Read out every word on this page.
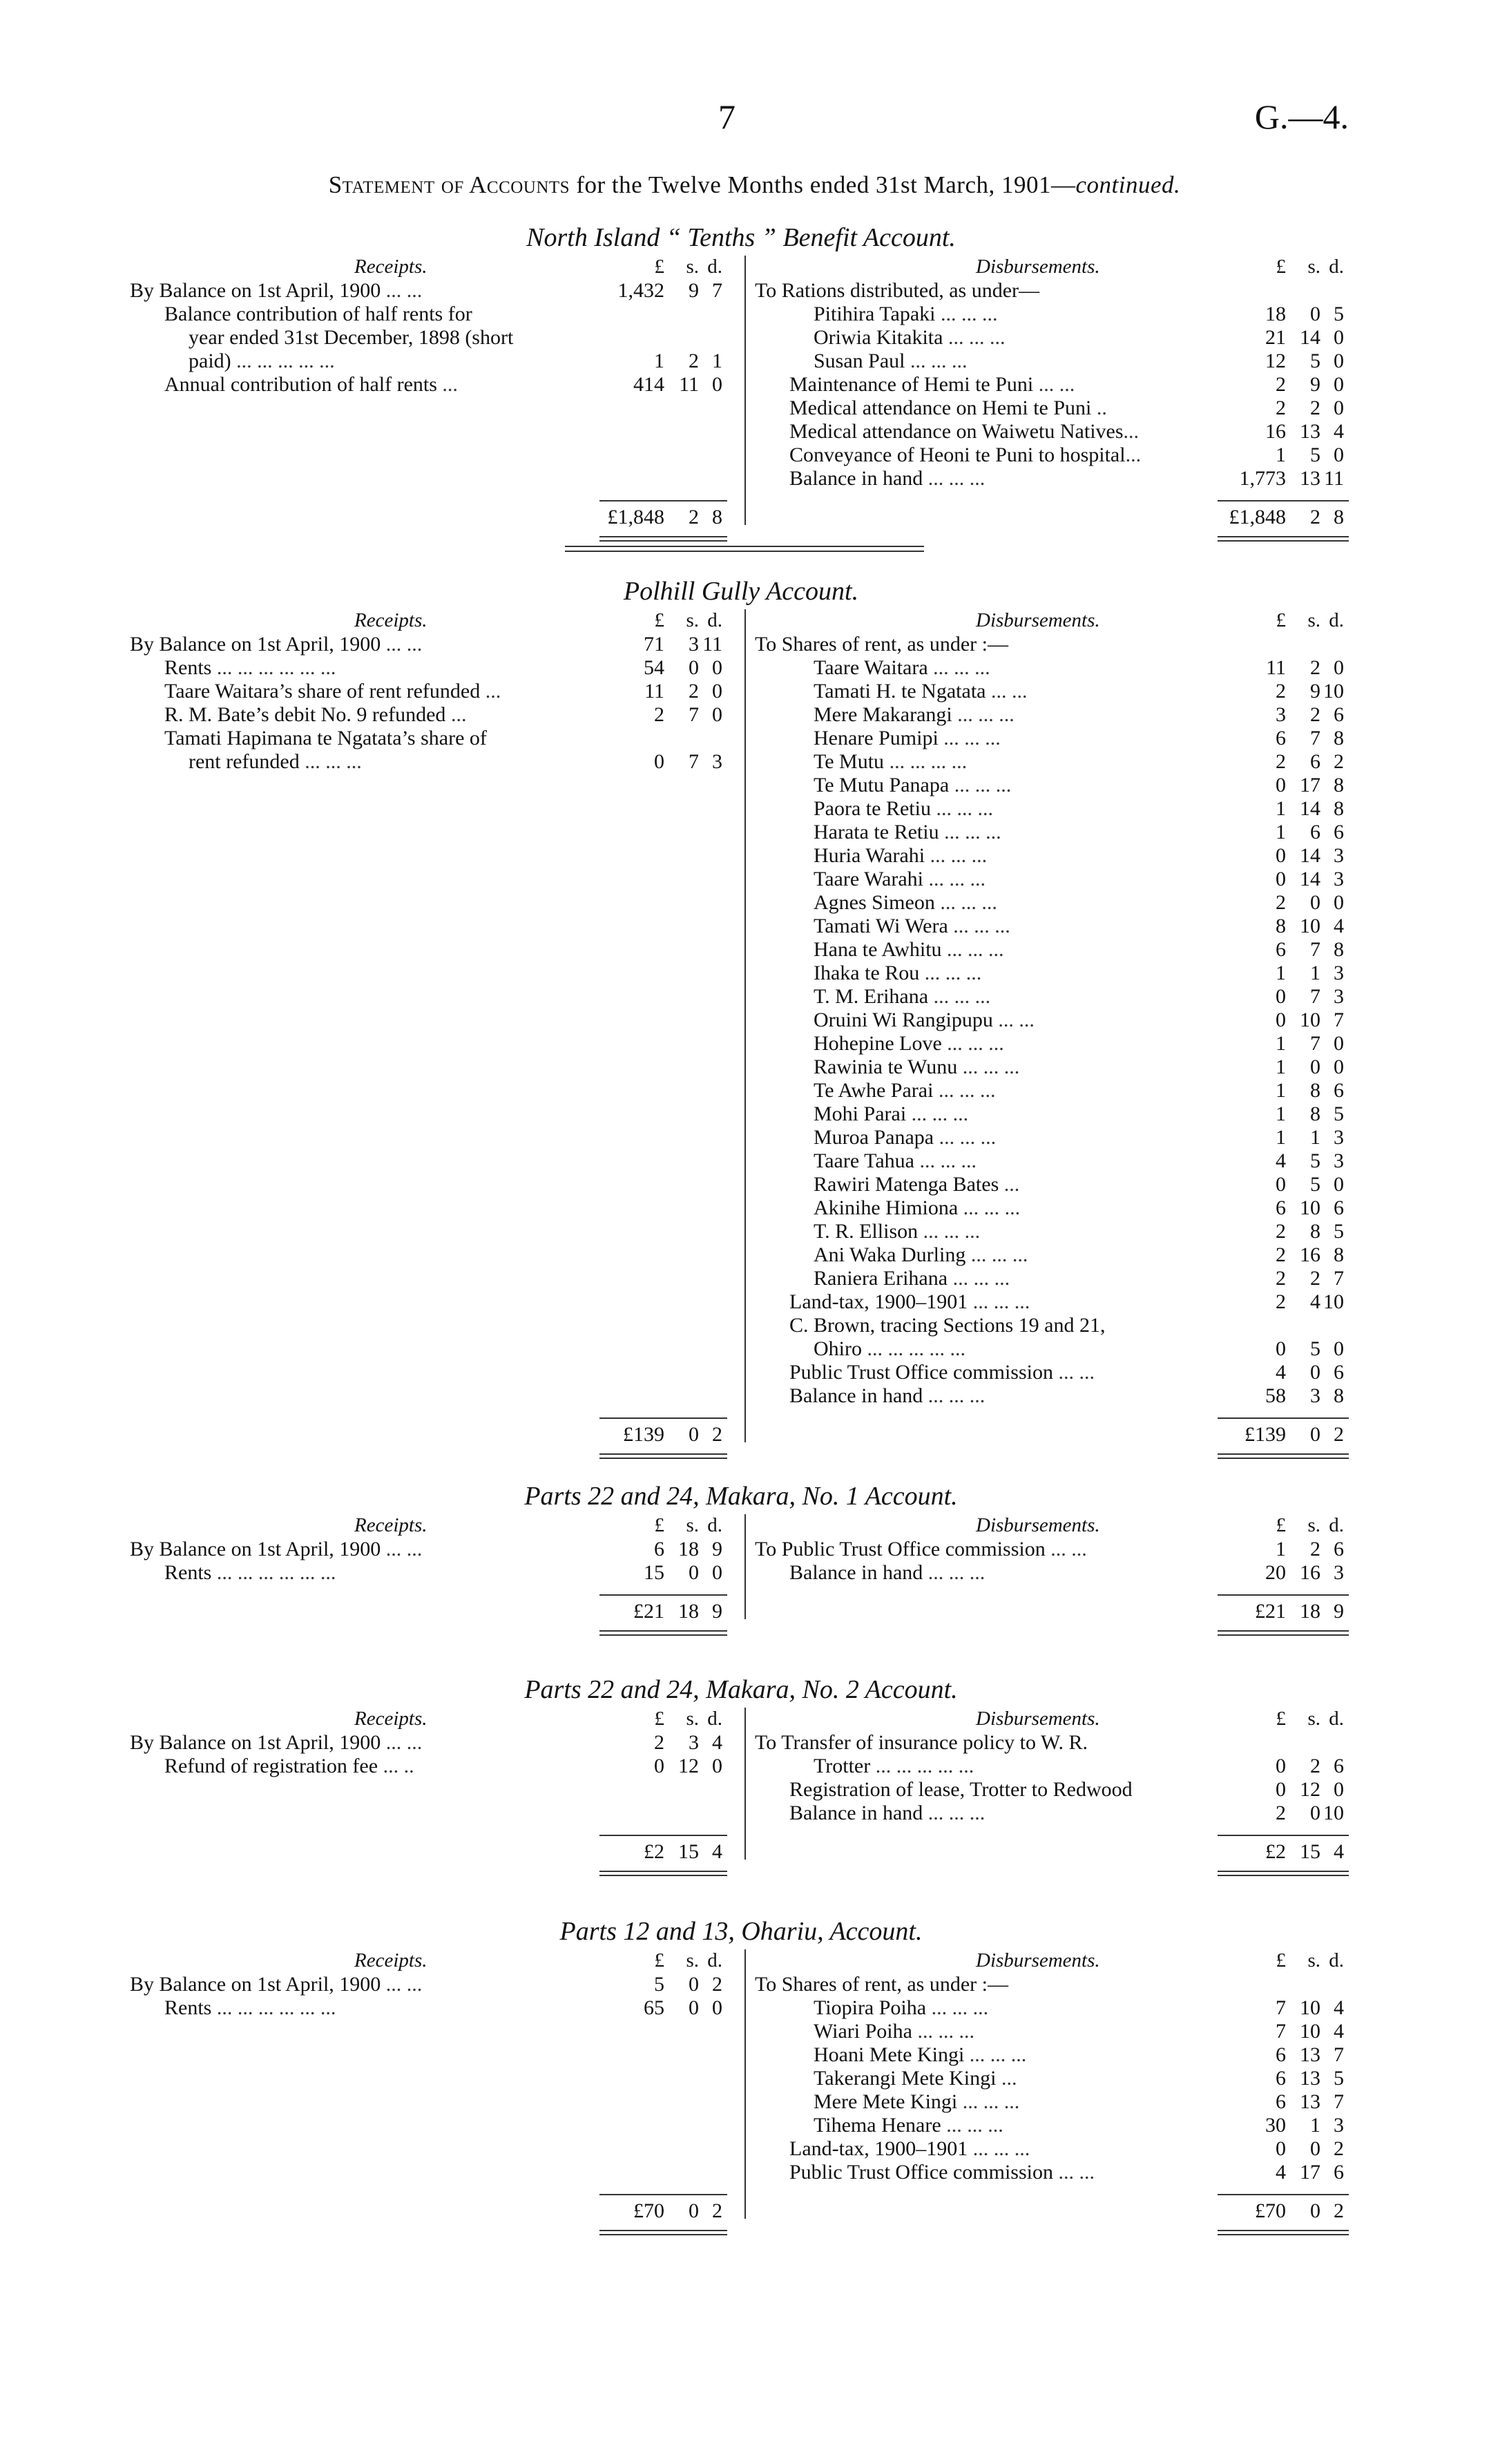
7	G.—4.
Statement of Accounts for the Twelve Months ended 31st March, 1901—continued.
North Island “ Tenths ” Benefit Account.
Receipts.	£	s. d.
By Balance on 1st April, 1900 ... ...	1,432	9 7
Balance contribution of half rents for
year ended 31st December, 1898 (short
paid) ... ... ... ... ...	1	2 1
Annual contribution of half rents ...	414 11 0
£1,848	2 8
Disbursements.	£	s. d.
To Rations distributed, as under—
Pitihira Tapaki ... ... ...	18	0 5
Oriwia Kitakita ... ... ...	21 14 0
Susan Paul ... ... ...	12	5 0
Maintenance of Hemi te Puni ... ...	2	9 0
Medical attendance on Hemi te Puni ..	2	2 0
Medical attendance on Waiwetu Natives...	16 13 4
Conveyance of Heoni te Puni to hospital...	1	5 0
Balance in hand ... ... ...	1,773 13 11
£1,848	2 8
Polhill Gully Account.
Receipts.	£	s. d.
By Balance on 1st April, 1900 ... ...	71	3 11
Rents ... ... ... ... ... ...	54	0 0
Taare Waitara’s share of rent refunded ...	11	2 0
R. M. Bate’s debit No. 9 refunded ...	2	7 0
Tamati Hapimana te Ngatata’s share of
rent refunded ... ... ...	0	7 3
£139	0 2
Disbursements.	£	s. d.
To Shares of rent, as under :—
Taare Waitara ... ... ...	11	2 0
Tamati H. te Ngatata ... ...	2	9 10
Mere Makarangi ... ... ...	3	2 6
Henare Pumipi ... ... ...	6	7 8
Te Mutu ... ... ... ...	2	6 2
Te Mutu Panapa ... ... ...	0 17 8
Paora te Retiu ... ... ...	1 14 8
Harata te Retiu ... ... ...	1	6 6
Huria Warahi ... ... ...	0 14 3
Taare Warahi ... ... ...	0 14 3
Agnes Simeon ... ... ...	2	0 0
Tamati Wi Wera ... ... ...	8 10 4
Hana te Awhitu ... ... ...	6	7 8
Ihaka te Rou ... ... ...	1	1 3
T. M. Erihana ... ... ...	0	7 3
Oruini Wi Rangipupu ... ...	0 10 7
Hohepine Love ... ... ...	1	7 0
Rawinia te Wunu ... ... ...	1	0 0
Te Awhe Parai ... ... ...	1	8 6
Mohi Parai ... ... ...	1	8 5
Muroa Panapa ... ... ...	1	1 3
Taare Tahua ... ... ...	4	5 3
Rawiri Matenga Bates ...	0	5 0
Akinihe Himiona ... ... ...	6 10 6
T. R. Ellison ... ... ...	2	8 5
Ani Waka Durling ... ... ...	2 16 8
Raniera Erihana ... ... ...	2	2 7
Land-tax, 1900–1901 ... ... ...	2	4 10
C. Brown, tracing Sections 19 and 21,
Ohiro ... ... ... ... ...	0	5 0
Public Trust Office commission ... ...	4	0 6
Balance in hand ... ... ...	58	3 8
£139	0 2
Parts 22 and 24, Makara, No. 1 Account.
Receipts.	£	s. d.
By Balance on 1st April, 1900 ... ...	6 18 9
Rents ... ... ... ... ... ...	15	0 0
£21 18 9
Disbursements.	£	s. d.
To Public Trust Office commission ... ...	1	2 6
Balance in hand ... ... ...	20 16 3
£21 18 9
Parts 22 and 24, Makara, No. 2 Account.
Receipts.	£	s. d.
By Balance on 1st April, 1900 ... ...	2	3 4
Refund of registration fee ... ..	0 12 0
£2 15 4
Disbursements.	£	s. d.
To Transfer of insurance policy to W. R.
Trotter ... ... ... ... ...	0	2 6
Registration of lease, Trotter to Redwood	0 12 0
Balance in hand ... ... ...	2	0 10
£2 15 4
Parts 12 and 13, Ohariu, Account.
Receipts.	£	s. d.
By Balance on 1st April, 1900 ... ...	5	0 2
Rents ... ... ... ... ... ...	65	0 0
£70	0 2
Disbursements.	£	s. d.
To Shares of rent, as under :—
Tiopira Poiha ... ... ...	7 10 4
Wiari Poiha ... ... ...	7 10 4
Hoani Mete Kingi ... ... ...	6 13 7
Takerangi Mete Kingi ...	6 13 5
Mere Mete Kingi ... ... ...	6 13 7
Tihema Henare ... ... ...	30	1 3
Land-tax, 1900–1901 ... ... ...	0	0 2
Public Trust Office commission ... ...	4 17 6
£70	0 2
